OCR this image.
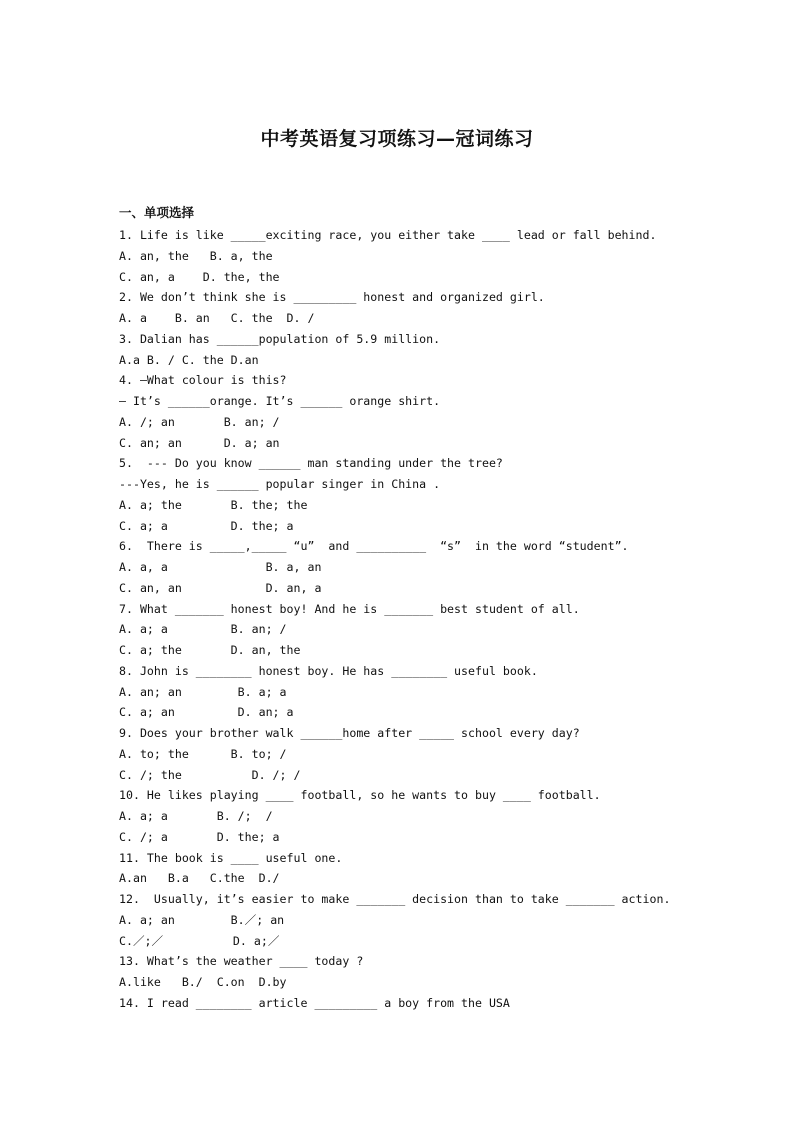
中考英语复习项练习—冠词练习
一、单项选择
1. Life is like _____exciting race, you either take ____ lead or fall behind.
A. an, the   B. a, the
C. an, a    D. the, the
2. We don’t think she is _________ honest and organized girl.
A. a    B. an   C. the  D. /
3. Dalian has ______population of 5.9 million.
A.a B. / C. the D.an
4. –What colour is this?
– It’s ______orange. It’s ______ orange shirt.
A. /; an       B. an; /
C. an; an      D. a; an
5.  --- Do you know ______ man standing under the tree?
---Yes, he is ______ popular singer in China .
A. a; the       B. the; the
C. a; a         D. the; a
6.  There is _____,_____ “u”  and __________  “s”  in the word “student”.
A. a, a              B. a, an
C. an, an            D. an, a
7. What _______ honest boy! And he is _______ best student of all.
A. a; a         B. an; /
C. a; the       D. an, the
8. John is ________ honest boy. He has ________ useful book.
A. an; an        B. a; a
C. a; an         D. an; a
9. Does your brother walk ______home after _____ school every day?
A. to; the      B. to; /
C. /; the          D. /; /
10. He likes playing ____ football, so he wants to buy ____ football.
A. a; a       B. /;  /
C. /; a       D. the; a
11. The book is ____ useful one.
A.an   B.a   C.the  D./
12.  Usually, it’s easier to make _______ decision than to take _______ action.
A. a; an        B.／; an
C.／;／          D. a;／
13. What’s the weather ____ today ?
A.like   B./  C.on  D.by
14. I read ________ article _________ a boy from the USA
